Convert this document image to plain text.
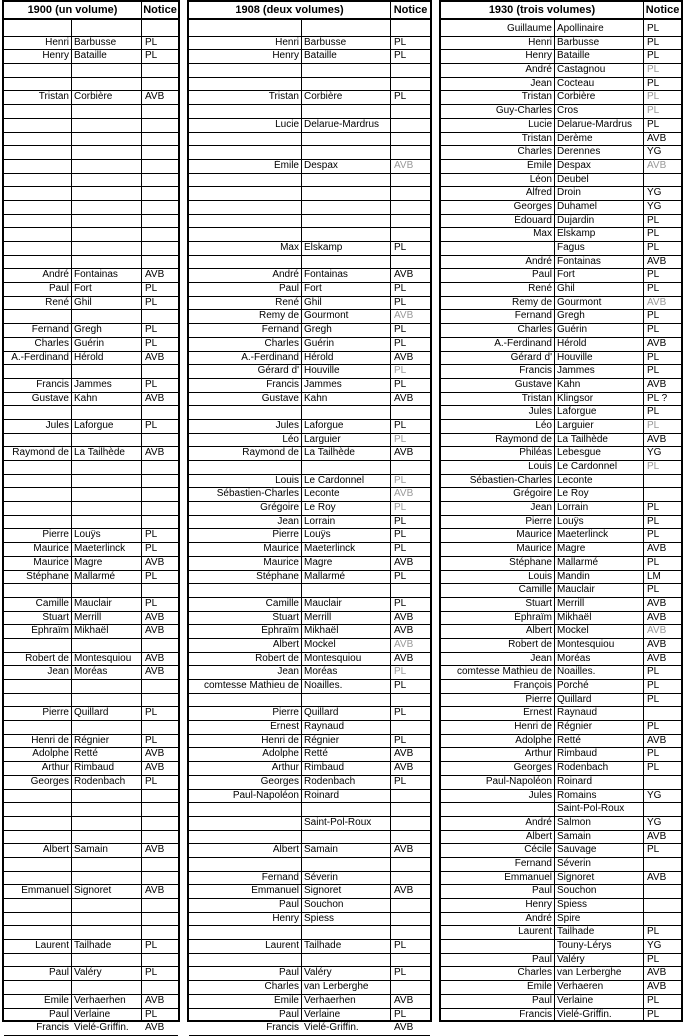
1900 (un volume)	Notice
Henri Barbusse	PL
Henry Bataille	PL
Tristan Corbière	AVB
André Fontainas	AVB
Paul Fort	PL
René Ghil	PL
Fernand Gregh	PL
Charles Guérin	PL
A.-Ferdinand Hérold	AVB
Francis Jammes	PL
Gustave Kahn	AVB
Jules Laforgue	PL
Raymond de La Tailhède	AVB
Pierre Louÿs	PL
Maurice Maeterlinck	PL
Maurice Magre	AVB
Stéphane Mallarmé	PL
Camille Mauclair	PL
Stuart Merrill	AVB
Éphraïm Mikhaël	AVB
Robert de Montesquiou	AVB
Jean Moréas	AVB
Pierre Quillard	PL
Henri de Régnier	PL
Adolphe Retté	AVB
Arthur Rimbaud	AVB
Georges Rodenbach	PL
Albert Samain	AVB
Emmanuel Signoret	AVB
Laurent Tailhade	PL
Paul Valéry	PL
Émile Verhaerhen	AVB
Paul Verlaine	PL
Francis Vielé-Griffin.	AVB
1908 (deux volumes)	Notice
Henri Barbusse	PL
Henry Bataille	PL
Tristan Corbière	PL
Lucie Delarue-Mardrus
Émile Despax	AVB
Max Elskamp	PL
André Fontainas	AVB
Paul Fort	PL
René Ghil	PL
Remy de Gourmont	AVB
Fernand Gregh	PL
Charles Guérin	PL
A.-Ferdinand Hérold	AVB
Gérard d' Houville	PL
Francis Jammes	PL
Gustave Kahn	AVB
Jules Laforgue	PL
Léo Larguier	PL
Raymond de La Tailhède	AVB
Louis Le Cardonnel	PL
Sébastien-Charles Leconte	AVB
Grégoire Le Roy	PL
Jean Lorrain	PL
Pierre Louÿs	PL
Maurice Maeterlinck	PL
Maurice Magre	AVB
Stéphane Mallarmé	PL
Camille Mauclair	PL
Stuart Merrill	AVB
Éphraïm Mikhaël	AVB
Albert Mockel	AVB
Robert de Montesquiou	AVB
Jean Moréas	PL
comtesse Mathieu de Noailles.	PL
Pierre Quillard	PL
Ernest Raynaud
Henri de Régnier	PL
Adolphe Retté	AVB
Arthur Rimbaud	AVB
Georges Rodenbach	PL
Paul-Napoléon Roinard
Saint-Pol-Roux
Albert Samain	AVB
Fernand Séverin
Emmanuel Signoret	AVB
Paul Souchon
Henry Spiess
Laurent Tailhade	PL
Paul Valéry	PL
Charles van Lerberghe
Émile Verhaerhen	AVB
Paul Verlaine	PL
Francis Vielé-Griffin.	AVB
1930 (trois volumes)	Notice
Guillaume Apollinaire	PL
Henri Barbusse	PL
Henry Bataille	PL
André Castagnou	PL
Jean Cocteau	PL
Tristan Corbière	PL
Guy-Charles Cros	PL
Lucie Delarue-Mardrus	PL
Tristan Derème	AVB
Charles Derennes	YG
Émile Despax	AVB
Léon Deubel
Alfred Droin	YG
Georges Duhamel	YG
Édouard Dujardin	PL
Max Elskamp	PL
Fagus	PL
André Fontainas	AVB
Paul Fort	PL
René Ghil	PL
Remy de Gourmont	AVB
Fernand Gregh	PL
Charles Guérin	PL
A.-Ferdinand Hérold	AVB
Gérard d' Houville	PL
Francis Jammes	PL
Gustave Kahn	AVB
Tristan Klingsor	PL ?
Jules Laforgue	PL
Léo Larguier	PL
Raymond de La Tailhède	AVB
Philéas Lebesgue	YG
Louis Le Cardonnel	PL
Sébastien-Charles Leconte
Grégoire Le Roy
Jean Lorrain	PL
Pierre Louÿs	PL
Maurice Maeterlinck	PL
Maurice Magre	AVB
Stéphane Mallarmé	PL
Louis Mandin	LM
Camille Mauclair	PL
Stuart Merrill	AVB
Éphraïm Mikhaël	AVB
Albert Mockel	AVB
Robert de Montesquiou	AVB
Jean Moréas	AVB
comtesse Mathieu de Noailles.	PL
François Porché	PL
Pierre Quillard	PL
Ernest Raynaud
Henri de Régnier	PL
Adolphe Retté	AVB
Arthur Rimbaud	PL
Georges Rodenbach	PL
Paul-Napoléon Roinard
Jules Romains	YG
Saint-Pol-Roux
André Salmon	YG
Albert Samain	AVB
Cécile Sauvage	PL
Fernand Séverin
Emmanuel Signoret	AVB
Paul Souchon
Henry Spiess
André Spire
Laurent Tailhade	PL
Touny-Lérys	YG
Paul Valéry	PL
Charles van Lerberghe	AVB
Émile Verhaeren	AVB
Paul Verlaine	PL
Francis Vielé-Griffin.	PL
